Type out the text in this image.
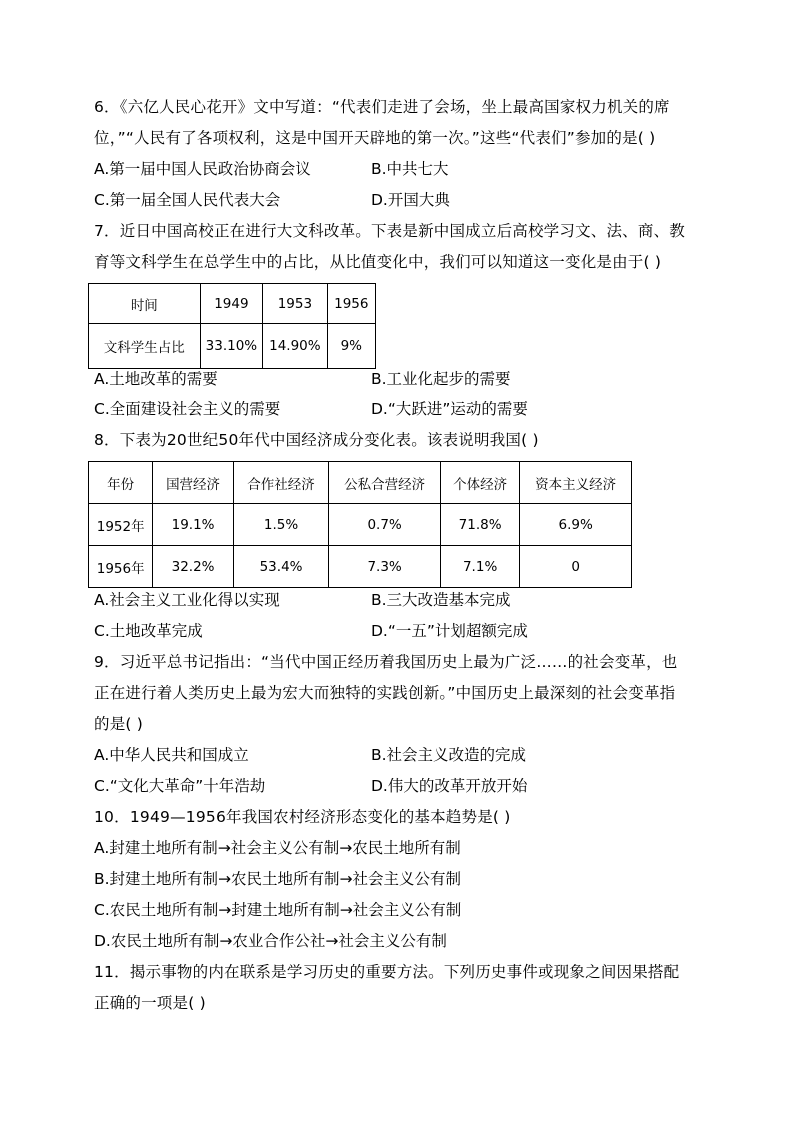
6．《六亿人民心花开》文中写道：“代表们走进了会场，坐上最高国家权力机关的席
位，”“人民有了各项权利，这是中国开天辟地的第一次。”这些“代表们”参加的是( )
A.第一届中国人民政治协商会议	B.中共七大
C.第一届全国人民代表大会	D.开国大典
7．近日中国高校正在进行大文科改革。下表是新中国成立后高校学习文、法、商、教
育等文科学生在总学生中的占比，从比值变化中，我们可以知道这一变化是由于( )
时间	1949	1953	1956
文科学生占比	33.10%	14.90%	9%
A.土地改革的需要	B.工业化起步的需要
C.全面建设社会主义的需要	D.“大跃进”运动的需要
8．下表为20世纪50年代中国经济成分变化表。该表说明我国( )
年份	国营经济	合作社经济	公私合营经济	个体经济	资本主义经济
1952年	19.1%	1.5%	0.7%	71.8%	6.9%
1956年	32.2%	53.4%	7.3%	7.1%	0
A.社会主义工业化得以实现	B.三大改造基本完成
C.土地改革完成	D.“一五”计划超额完成
9．习近平总书记指出：“当代中国正经历着我国历史上最为广泛……的社会变革，也
正在进行着人类历史上最为宏大而独特的实践创新。”中国历史上最深刻的社会变革指
的是( )
A.中华人民共和国成立	B.社会主义改造的完成
C.“文化大革命”十年浩劫	D.伟大的改革开放开始
10．1949—1956年我国农村经济形态变化的基本趋势是( )
A.封建土地所有制→社会主义公有制→农民土地所有制
B.封建土地所有制→农民土地所有制→社会主义公有制
C.农民土地所有制→封建土地所有制→社会主义公有制
D.农民土地所有制→农业合作公社→社会主义公有制
11．揭示事物的内在联系是学习历史的重要方法。下列历史事件或现象之间因果搭配
正确的一项是( )
